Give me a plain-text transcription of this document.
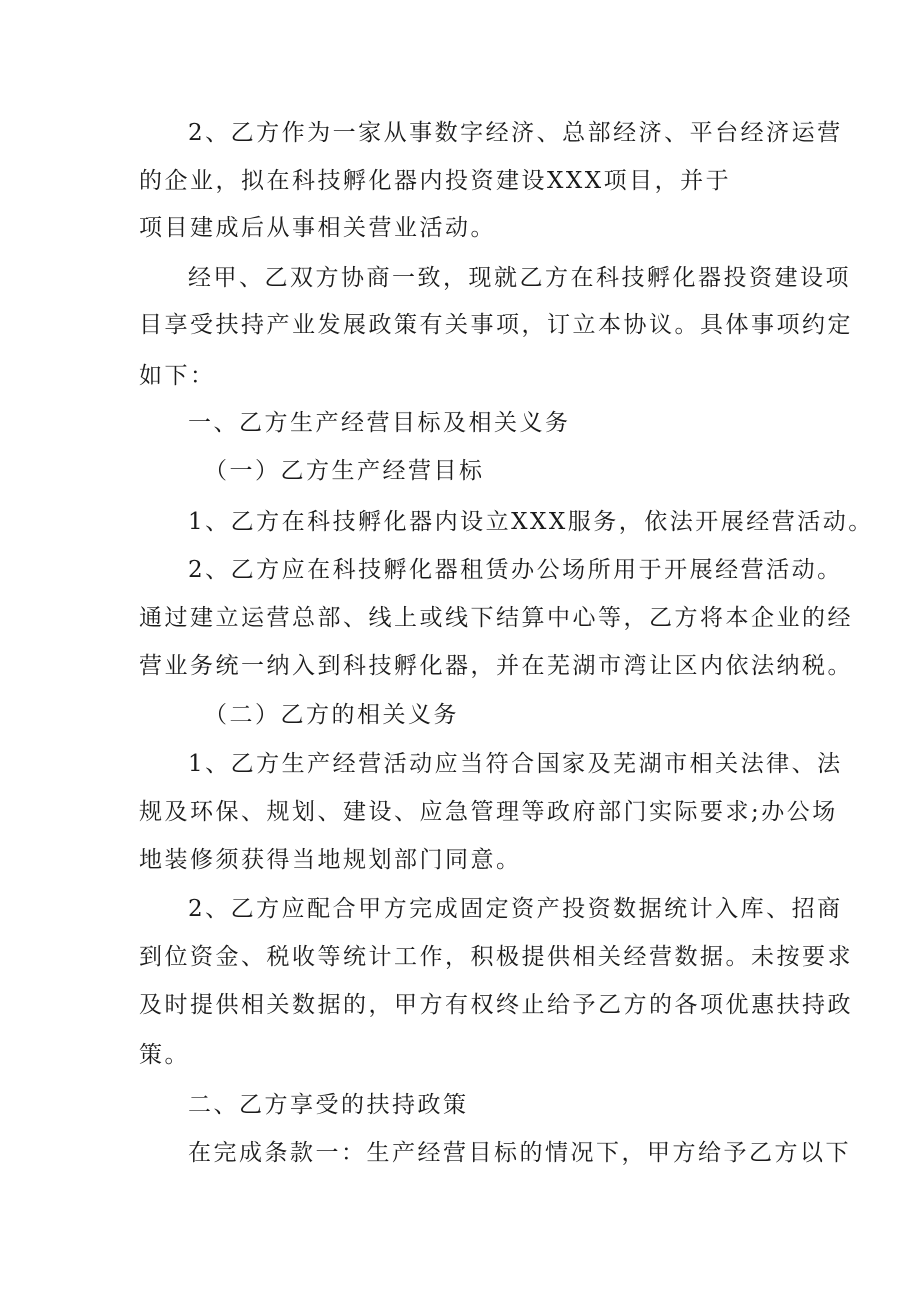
2、乙方作为一家从事数字经济、总部经济、平台经济运营
的企业，拟在科技孵化器内投资建设XXX项目，并于
项目建成后从事相关营业活动。
经甲、乙双方协商一致，现就乙方在科技孵化器投资建设项
目享受扶持产业发展政策有关事项，订立本协议。具体事项约定
如下：
一、乙方生产经营目标及相关义务
（一）乙方生产经营目标
1、乙方在科技孵化器内设立XXX服务，依法开展经营活动。
2、乙方应在科技孵化器租赁办公场所用于开展经营活动。
通过建立运营总部、线上或线下结算中心等，乙方将本企业的经
营业务统一纳入到科技孵化器，并在芜湖市湾让区内依法纳税。
（二）乙方的相关义务
1、乙方生产经营活动应当符合国家及芜湖市相关法律、法
规及环保、规划、建设、应急管理等政府部门实际要求;办公场
地装修须获得当地规划部门同意。
2、乙方应配合甲方完成固定资产投资数据统计入库、招商
到位资金、税收等统计工作，积极提供相关经营数据。未按要求
及时提供相关数据的，甲方有权终止给予乙方的各项优惠扶持政
策。
二、乙方享受的扶持政策
在完成条款一：生产经营目标的情况下，甲方给予乙方以下
